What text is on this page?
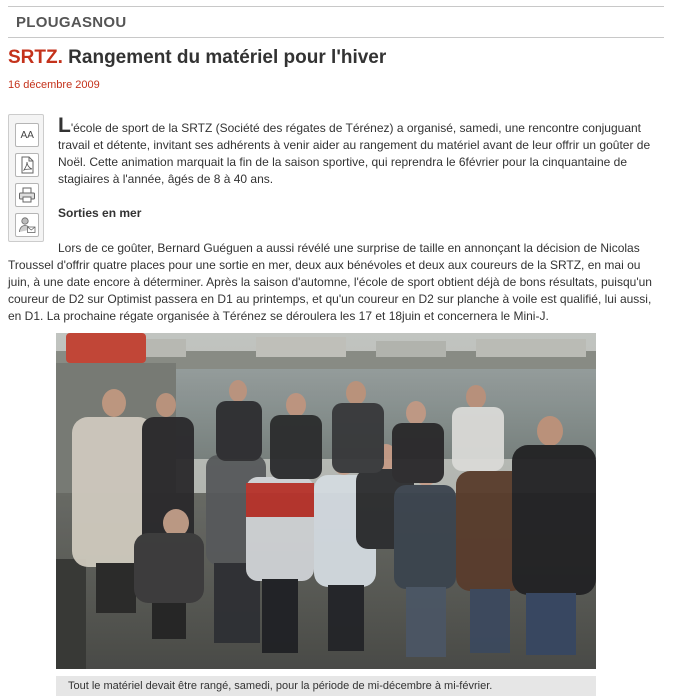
PLOUGASNOU
SRTZ. Rangement du matériel pour l'hiver
16 décembre 2009
AA L'école de sport de la SRTZ (Société des régates de Térénez) a organisé, samedi, une rencontre conjuguant travail et détente, invitant ses adhérents à venir aider au rangement du matériel avant de leur offrir un goûter de Noël. Cette animation marquait la fin de la saison sportive, qui reprendra le 6février pour la cinquantaine de stagiaires à l'année, âgés de 8 à 40 ans.

Sorties en mer

Lors de ce goûter, Bernard Guéguen a aussi révélé une surprise de taille en annonçant la décision de Nicolas Troussel d'offrir quatre places pour une sortie en mer, deux aux bénévoles et deux aux coureurs de la SRTZ, en mai ou juin, à une date encore à déterminer. Après la saison d'automne, l'école de sport obtient déjà de bons résultats, puisqu'un coureur de D2 sur Optimist passera en D1 au printemps, et qu'un coureur en D2 sur planche à voile est qualifié, lui aussi, en D1. La prochaine régate organisée à Térénez se déroulera les 17 et 18juin et concernera le Mini-J.

Tout le matériel devait être rangé, samedi, pour la période de mi-décembre à mi-février.
